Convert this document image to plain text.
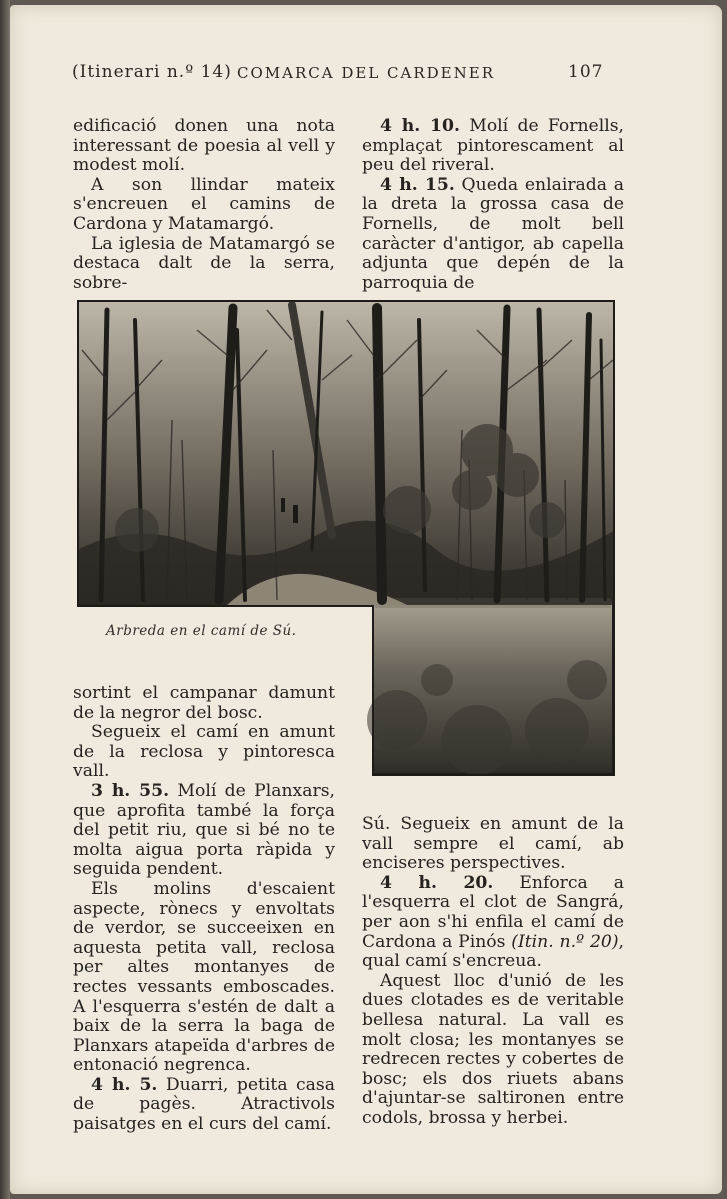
(Itinerari n.º 14) COMARCA DEL CARDENER	107

edificació donen una nota interessant de poesia al vell y modest molí.

A son llindar mateix s'encreuen el camins de Cardona y Matamargó.

La iglesia de Matamargó se destaca dalt de la serra, sobre-

4 h. 10. Molí de Fornells, emplaçat pintorescament al peu del riveral.

4 h. 15. Queda enlairada a la dreta la grossa casa de Fornells, de molt bell caràcter d'antigor, ab capella adjunta que depén de la parroquia de

Arbreda en el camí de Sú.

sortint el campanar damunt de la negror del bosc.

Segueix el camí en amunt de la reclosa y pintoresca vall.

3 h. 55. Molí de Planxars, que aprofita també la força del petit riu, que si bé no te molta aigua porta ràpida y seguida pendent.

Els molins d'escaient aspecte, rònecs y envoltats de verdor, se succeeixen en aquesta petita vall, reclosa per altes montanyes de rectes vessants emboscades. A l'esquerra s'estén de dalt a baix de la serra la baga de Planxars atapeïda d'arbres de entonació negrenca.

4 h. 5. Duarri, petita casa de pagès. Atractivols paisatges en el curs del camí.

Sú. Segueix en amunt de la vall sempre el camí, ab enciseres perspectives.

4 h. 20. Enforca a l'esquerra el clot de Sangrá, per aon s'hi enfila el camí de Cardona a Pinós (Itin. n.º 20), qual camí s'encreua.

Aquest lloc d'unió de les dues clotades es de veritable bellesa natural. La vall es molt closa; les montanyes se redrecen rectes y cobertes de bosc; els dos riuets abans d'ajuntar-se saltironen entre codols, brossa y herbei.
